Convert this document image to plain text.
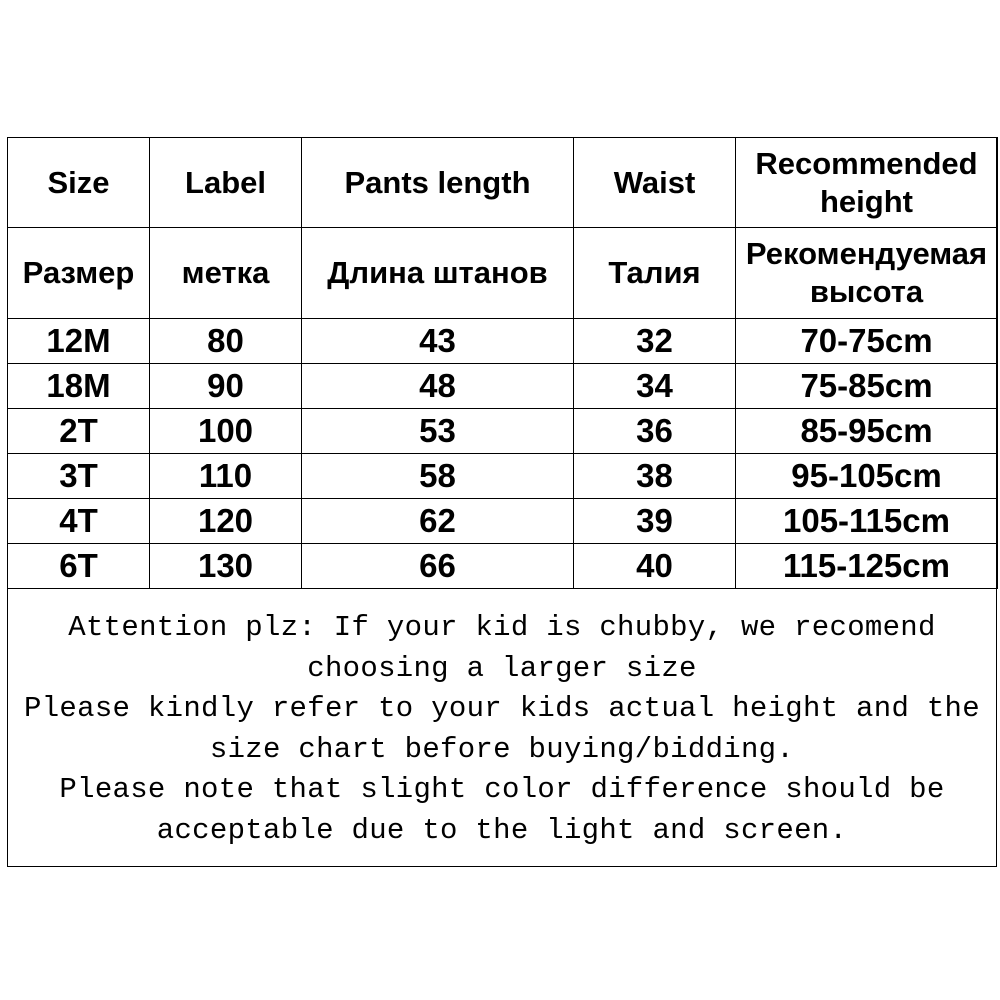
Size	Label	Pants length	Waist	Recommended height
Размер	метка	Длина штанов	Талия	Рекомендуемая высота
12M	80	43	32	70-75cm
18M	90	48	34	75-85cm
2T	100	53	36	85-95cm
3T	110	58	38	95-105cm
4T	120	62	39	105-115cm
6T	130	66	40	115-125cm
Attention plz: If your kid is chubby, we recomend
choosing a larger size
Please kindly refer to your kids actual height and the
size chart before buying/bidding.
Please note that slight color difference should be
acceptable due to the light and screen.
